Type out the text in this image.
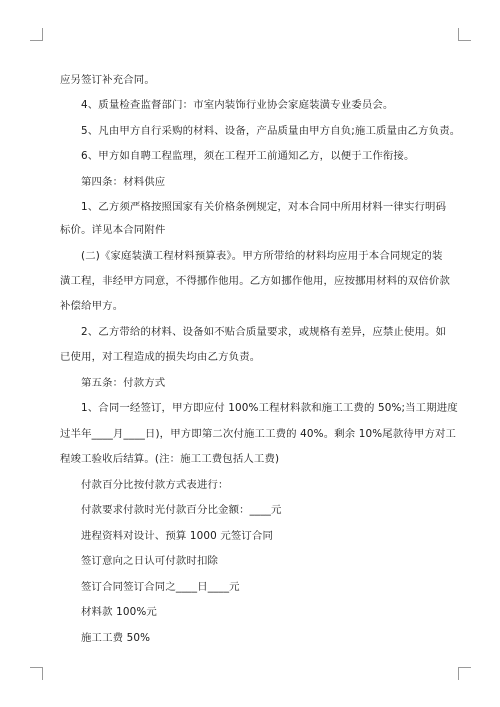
应另签订补充合同。

4、质量检查监督部门：市室内装饰行业协会家庭装潢专业委员会。

5、凡由甲方自行采购的材料、设备，产品质量由甲方自负;施工质量由乙方负责。

6、甲方如自聘工程监理，须在工程开工前通知乙方，以便于工作衔接。

第四条：材料供应

1、乙方须严格按照国家有关价格条例规定，对本合同中所用材料一律实行明码

标价。详见本合同附件

(二)《家庭装潢工程材料预算表》。甲方所带给的材料均应用于本合同规定的装

潢工程，非经甲方同意，不得挪作他用。乙方如挪作他用，应按挪用材料的双倍价款

补偿给甲方。

2、乙方带给的材料、设备如不贴合质量要求，或规格有差异，应禁止使用。如

已使用，对工程造成的损失均由乙方负责。

第五条：付款方式

1、合同一经签订，甲方即应付 100%工程材料款和施工工费的 50%;当工期进度

过半年____月____日)，甲方即第二次付施工工费的 40%。剩余 10%尾款待甲方对工

程竣工验收后结算。(注：施工工费包括人工费)

付款百分比按付款方式表进行：

付款要求付款时光付款百分比金额：____元

进程资料对设计、预算 1000 元签订合同

签订意向之日认可付款时扣除

签订合同签订合同之____日____元

材料款 100%元

施工工费 50%
